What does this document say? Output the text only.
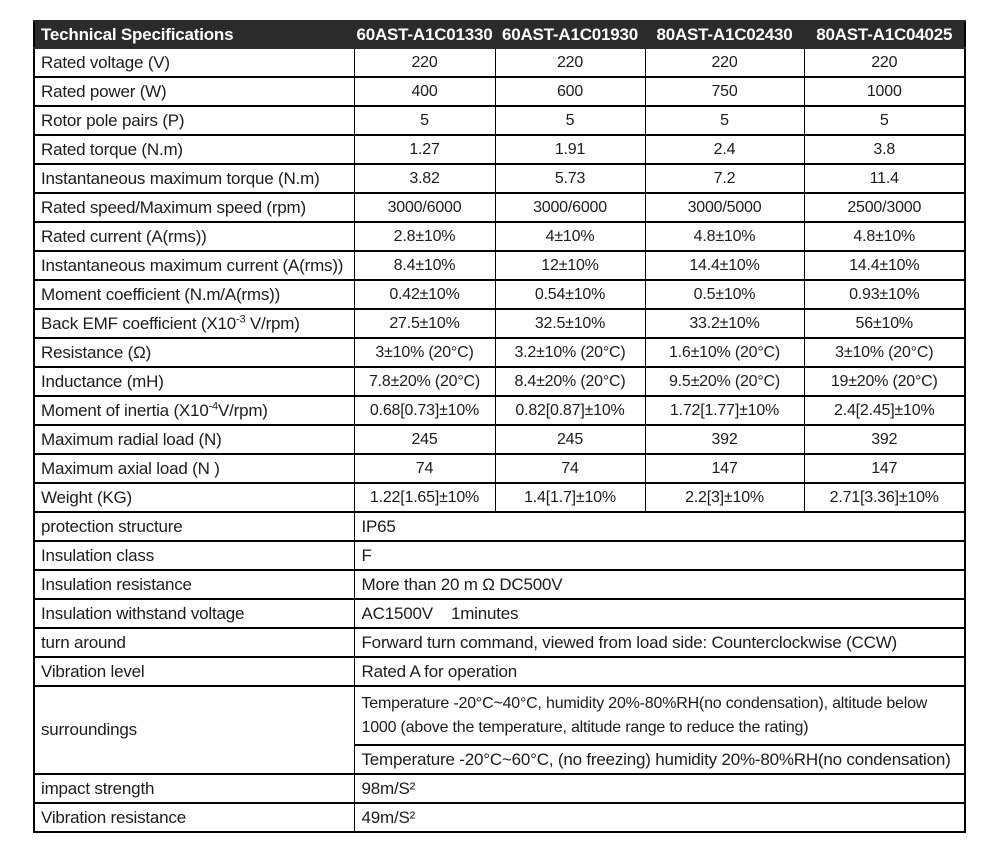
Technical Specifications	60AST-A1C01330	60AST-A1C01930	80AST-A1C02430	80AST-A1C04025
Rated voltage (V)	220	220	220	220
Rated power (W)	400	600	750	1000
Rotor pole pairs (P)	5	5	5	5
Rated torque (N.m)	1.27	1.91	2.4	3.8
Instantaneous maximum torque (N.m)	3.82	5.73	7.2	11.4
Rated speed/Maximum speed (rpm)	3000/6000	3000/6000	3000/5000	2500/3000
Rated current (A(rms))	2.8±10%	4±10%	4.8±10%	4.8±10%
Instantaneous maximum current (A(rms))	8.4±10%	12±10%	14.4±10%	14.4±10%
Moment coefficient (N.m/A(rms))	0.42±10%	0.54±10%	0.5±10%	0.93±10%
Back EMF coefficient ($X10^{-3}$ V/rpm)	27.5±10%	32.5±10%	33.2±10%	56±10%
Resistance (Ω)	3±10% (20°C)	3.2±10% (20°C)	1.6±10% (20°C)	3±10% (20°C)
Inductance (mH)	7.8±20% (20°C)	8.4±20% (20°C)	9.5±20% (20°C)	19±20% (20°C)
Moment of inertia $(X10^{-4}V/rpm)$	0.68[0.73]±10%	0.82[0.87]±10%	1.72[1.77]±10%	2.4[2.45]±10%
Maximum radial load (N)	245	245	392	392
Maximum axial load (N )	74	74	147	147
Weight (KG)	1.22[1.65]±10%	1.4[1.7]±10%	2.2[3]±10%	2.71[3.36]±10%
protection structure	IP65			
Insulation class	F			
Insulation resistance	More than 20 m Ω DC500V			
Insulation withstand voltage	AC1500V    1minutes			
turn around	Forward turn command, viewed from load side: Counterclockwise (CCW)			
Vibration level	Rated A for operation			
surroundings	Temperature -20°C~40°C, humidity 20%-80%RH(no condensation), altitude below 1000 (above the temperature, altitude range to reduce the rating)			
	Temperature -20°C~60°C, (no freezing) humidity 20%-80%RH(no condensation)			
impact strength	98m/S²			
Vibration resistance	49m/S²			
